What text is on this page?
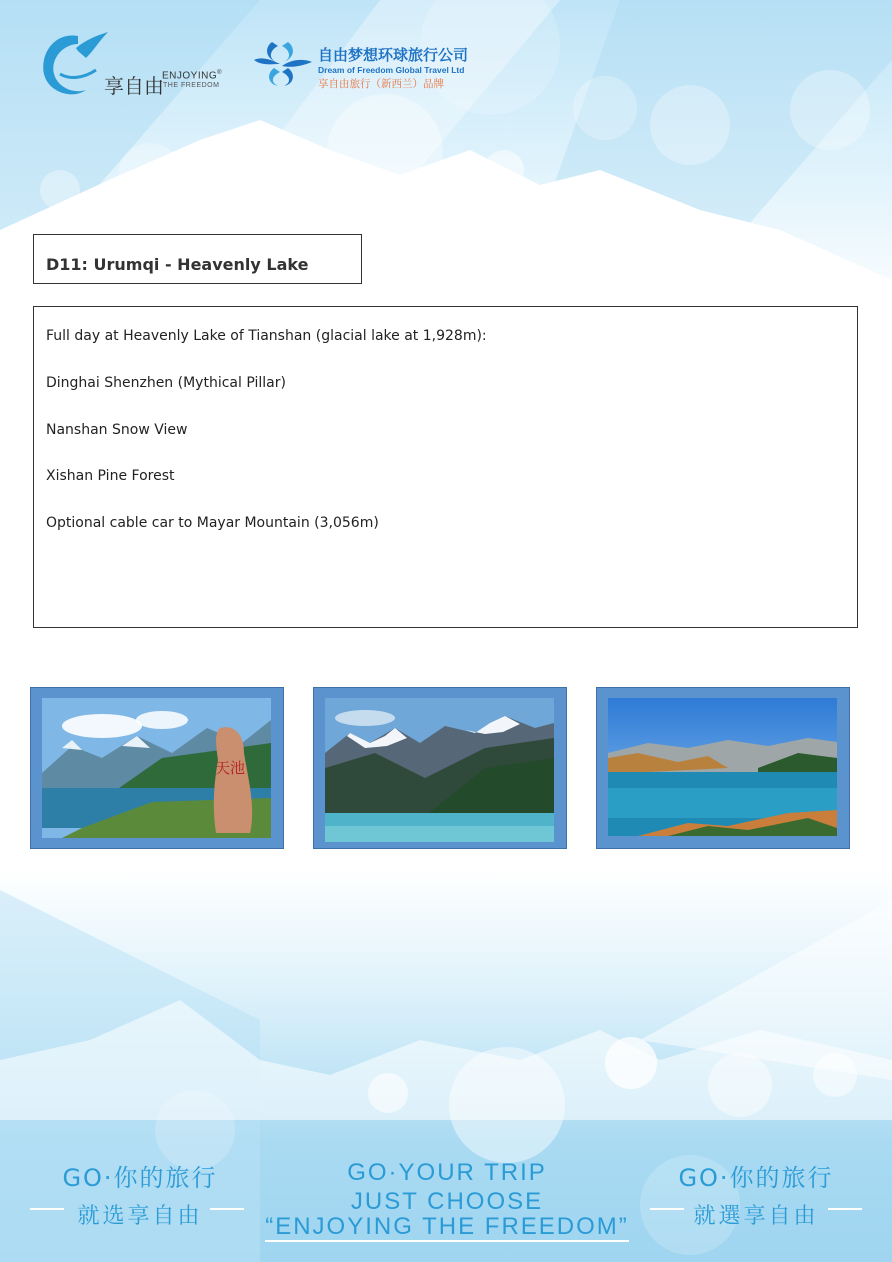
享自由
ENJOYING®
THE FREEDOM
自由梦想环球旅行公司
Dream of Freedom Global Travel Ltd
享自由旅行（新西兰）品牌
D11: Urumqi - Heavenly Lake

Full day at Heavenly Lake of Tianshan (glacial lake at 1,928m):

Dinghai Shenzhen (Mythical Pillar)

Nanshan Snow View

Xishan Pine Forest

Optional cable car to Mayar Mountain (3,056m)

天池
GO·你的旅行
就选享自由
GO·YOUR TRIP
JUST CHOOSE
“ENJOYING THE FREEDOM”
GO·你的旅行
就選享自由
